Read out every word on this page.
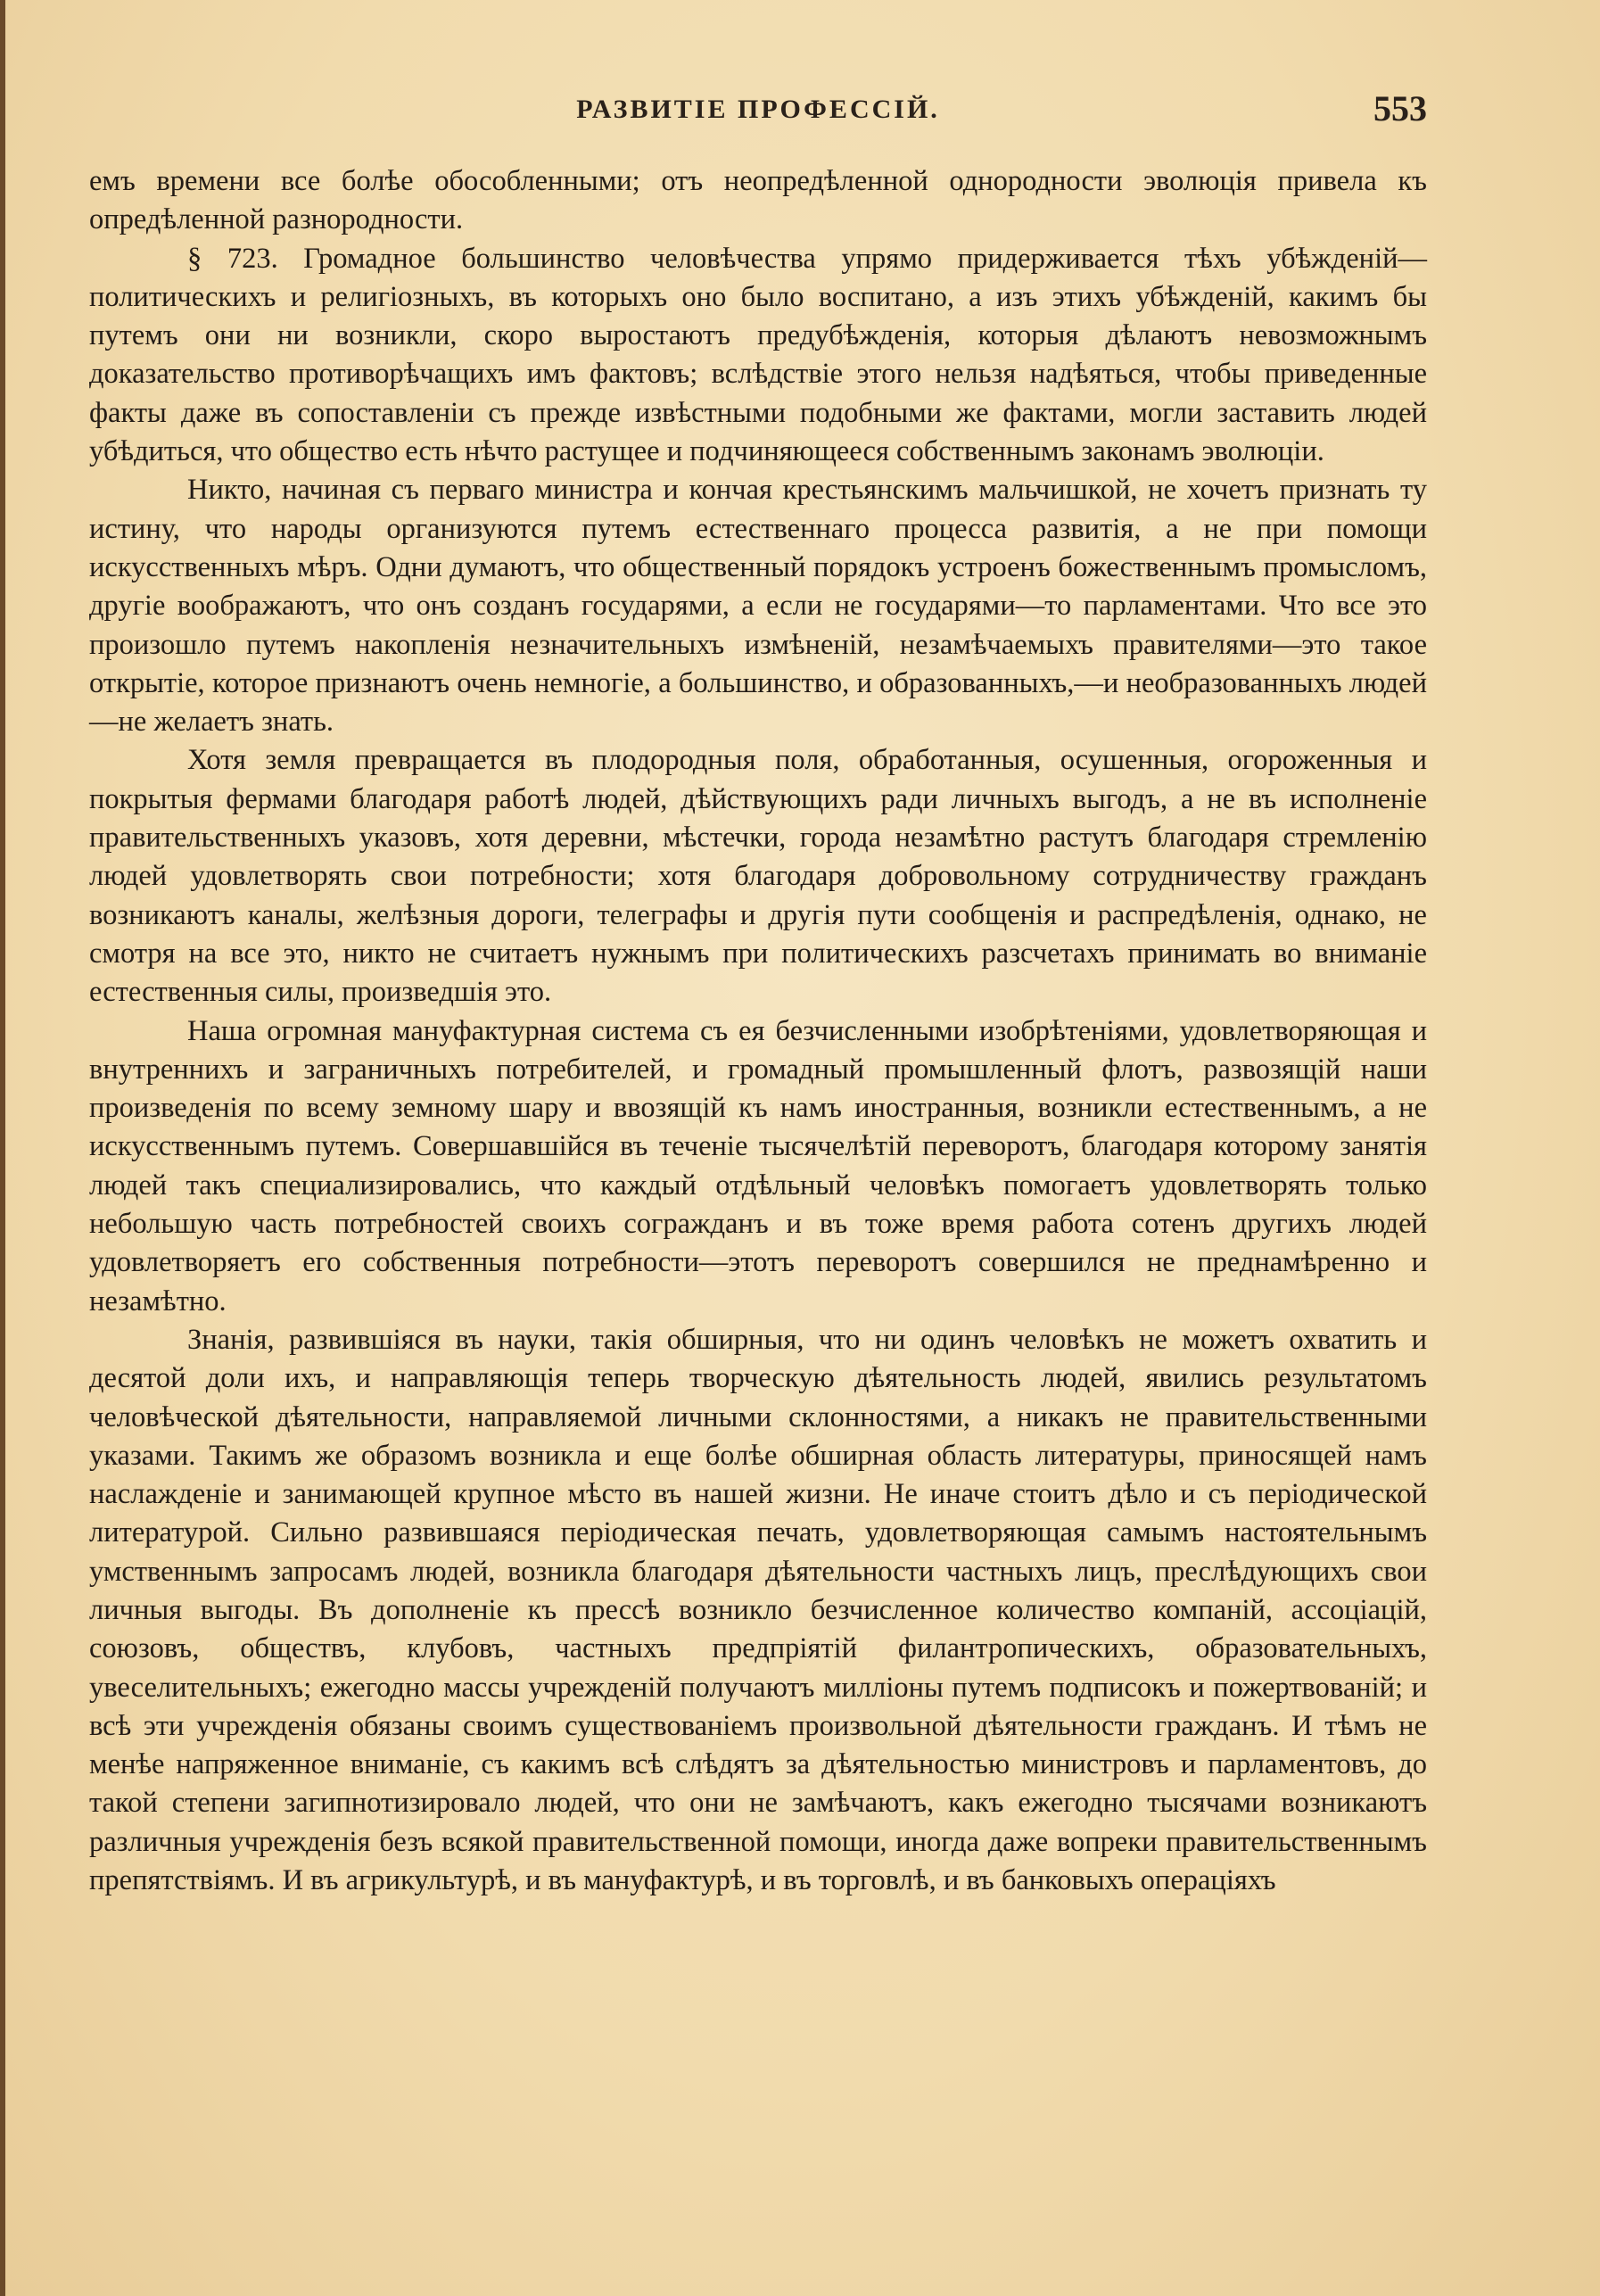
РАЗВИТІЕ ПРОФЕССІЙ.	553

емъ времени все болѣе обособленными; отъ неопредѣленной однородности эволюція привела къ опредѣленной разнородности.

§ 723. Громадное большинство человѣчества упрямо придерживается тѣхъ убѣжденій—политическихъ и религіозныхъ, въ которыхъ оно было воспитано, а изъ этихъ убѣжденій, какимъ бы путемъ они ни возникли, скоро выростаютъ предубѣжденія, которыя дѣлаютъ невозможнымъ доказательство противорѣчащихъ имъ фактовъ; вслѣдствіе этого нельзя надѣяться, чтобы приведенные факты даже въ сопоставленіи съ прежде извѣстными подобными же фактами, могли заставить людей убѣдиться, что общество есть нѣчто растущее и подчиняющееся собственнымъ законамъ эволюціи.

Никто, начиная съ перваго министра и кончая крестьянскимъ мальчишкой, не хочетъ признать ту истину, что народы организуются путемъ естественнаго процесса развитія, а не при помощи искусственныхъ мѣръ. Одни думаютъ, что общественный порядокъ устроенъ божественнымъ промысломъ, другіе воображаютъ, что онъ созданъ государями, а если не государями—то парламентами. Что все это произошло путемъ накопленія незначительныхъ измѣненій, незамѣчаемыхъ правителями—это такое открытіе, которое признаютъ очень немногіе, а большинство, и образованныхъ,—и необразованныхъ людей—не желаетъ знать.

Хотя земля превращается въ плодородныя поля, обработанныя, осушенныя, огороженныя и покрытыя фермами благодаря работѣ людей, дѣйствующихъ ради личныхъ выгодъ, а не въ исполненіе правительственныхъ указовъ, хотя деревни, мѣстечки, города незамѣтно растутъ благодаря стремленію людей удовлетворять свои потребности; хотя благодаря добровольному сотрудничеству гражданъ возникаютъ каналы, желѣзныя дороги, телеграфы и другія пути сообщенія и распредѣленія, однако, не смотря на все это, никто не считаетъ нужнымъ при политическихъ разсчетахъ принимать во вниманіе естественныя силы, произведшія это.

Наша огромная мануфактурная система съ ея безчисленными изобрѣтеніями, удовлетворяющая и внутреннихъ и заграничныхъ потребителей, и громадный промышленный флотъ, развозящій наши произведенія по всему земному шару и ввозящій къ намъ иностранныя, возникли естественнымъ, а не искусственнымъ путемъ. Совершавшійся въ теченіе тысячелѣтій переворотъ, благодаря которому занятія людей такъ специализировались, что каждый отдѣльный человѣкъ помогаетъ удовлетворять только небольшую часть потребностей своихъ согражданъ и въ тоже время работа сотенъ другихъ людей удовлетворяетъ его собственныя потребности—этотъ переворотъ совершился не преднамѣренно и незамѣтно.

Знанія, развившіяся въ науки, такія обширныя, что ни одинъ человѣкъ не можетъ охватить и десятой доли ихъ, и направляющія теперь творческую дѣятельность людей, явились результатомъ человѣческой дѣятельности, направляемой личными склонностями, а никакъ не правительственными указами. Такимъ же образомъ возникла и еще болѣе обширная область литературы, приносящей намъ наслажденіе и занимающей крупное мѣсто въ нашей жизни. Не иначе стоитъ дѣло и съ періодической литературой. Сильно развившаяся періодическая печать, удовлетворяющая самымъ настоятельнымъ умственнымъ запросамъ людей, возникла благодаря дѣятельности частныхъ лицъ, преслѣдующихъ свои личныя выгоды. Въ дополненіе къ прессѣ возникло безчисленное количество компаній, ассоціацій, союзовъ, обществъ, клубовъ, частныхъ предпріятій филантропическихъ, образовательныхъ, увеселительныхъ; ежегодно массы учрежденій получаютъ милліоны путемъ подписокъ и пожертвованій; и всѣ эти учрежденія обязаны своимъ существованіемъ произвольной дѣятельности гражданъ. И тѣмъ не менѣе напряженное вниманіе, съ какимъ всѣ слѣдятъ за дѣятельностью министровъ и парламентовъ, до такой степени загипнотизировало людей, что они не замѣчаютъ, какъ ежегодно тысячами возникаютъ различныя учрежденія безъ всякой правительственной помощи, иногда даже вопреки правительственнымъ препятствіямъ. И въ агрикультурѣ, и въ мануфактурѣ, и въ торговлѣ, и въ банковыхъ операціяхъ
